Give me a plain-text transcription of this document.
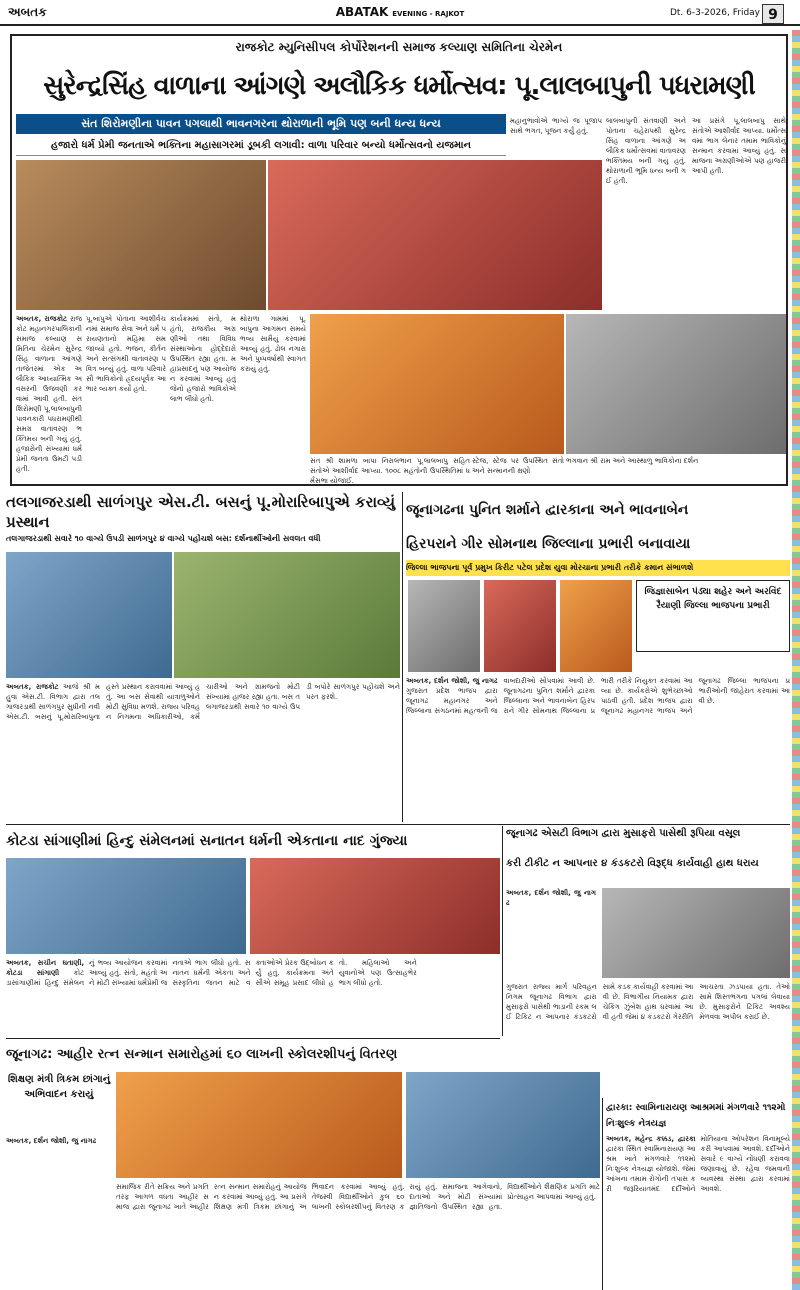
અબતક	ABATAK EVENING - RAJKOT	Dt. 6-3-2026, Friday 9
રાજકોટ મ્યુનિસીપલ કોર્પોરેશનની સમાજ કલ્યાણ સમિતિના ચેરમેન
સુરેન્દ્રસિંહ વાળાના આંગણે અલૌકિક ધર્મોત્સવ: પૂ.લાલબાપુની પધરામણી
સંત શિરોમણીના પાવન પગલાથી ભાવનગરના થોરાળાની ભૂમિ પણ બની ધન્ય ધન્ય
હજારો ધર્મ પ્રેમી જનતાએ ભક્તિના મહાસાગરમાં ડૂબકી લગાવી: વાળા પરિવાર બન્યો ધર્મોત્સવનો યજમાન
મહાનુભાવોએ ભાગ્યે જ પૂજાપ સાથે ભગત, પૂજન કર્યું હતું.
લાલબાપુની સંતવાણી અને પોતાના ચહેરાપથી સુરેન્દ્રસિંહ વાળાના આંગણે અલૌકિક ધર્મોત્સવમાં વાતાવરણ ભક્તિમય બની ગયું હતું. થોરાળાની ભૂમિ ધન્ય બની ગઈ હતી.
આ પ્રસંગે પૂ.લાલબાપુ સાથે સંતોએ આશીર્વાદ આપ્યા. ધર્મોત્સવમાં ભાગ લેનાર તમામ ભાવિકોનું સન્માન કરવામાં આવ્યું હતું. સમાજના અગ્રણીઓએ પણ હાજરી આપી હતી.
અબતક, રાજકોટ રાજકોટ મહાનગરપાલિકાની સમાજ કલ્યાણ સમિતિના ચેરમેન સુરેન્દ્રસિંહ વાળાના આંગણે તાજેતરમાં એક અલૌકિક આધ્યાત્મિક અવસરની ઉજવણી કરવામાં આવી હતી. સંત શિરોમણી પૂ.લાલબાપુની પાવનકારી પધરામણીથી સમગ્ર વાતાવરણ ભક્તિમય બની ગયું હતું. હજારોની સંખ્યામાં ધર્મપ્રેમી જનતા ઉમટી પડી હતી.
પૂ.બાપુએ પોતાના આશીર્વચનમાં સમાજ સેવા અને ધર્મ પરાયણતાનો મહિમા સમજાવ્યો હતો. ભજન, કીર્તન અને સત્સંગથી વાતાવરણ પવિત્ર બન્યું હતું. વાળા પરિવારે સૌ ભાવિકોનો હ્રદયપૂર્વક આભાર વ્યક્ત કર્યો હતો.
કાર્યક્રમમાં સંતો, મહંતો, રાજકીય અગ્રણીઓ તથા વિવિધ સંસ્થાઓના હોદ્દેદારો ઉપસ્થિત રહ્યા હતા. મહાપ્રસાદનું પણ આયોજન કરવામાં આવ્યું હતું જેનો હજારો ભાવિકોએ લાભ લીધો હતો.
થોરાળા ગામમાં પૂ.બાપુના આગમન સમયે ભવ્ય સામૈયું કરવામાં આવ્યું હતું. ઢોલ નગારા અને પુષ્પવર્ષાથી સ્વાગત કરાયું હતું.
સંત શ્રી શામળા બાપા નિરાલંભાન પૂ.લાલબાપુ સહિત સંતોએ આશીર્વાદ આપ્યા. ૧૦૦૮ મહંતોની ઉપસ્થિતિમાં ધર્મસભા યોજાઈ.
સ્ટેજ, સ્ટેજ પર ઉપસ્થિત સંતો અને સન્માનની ક્ષણો
ભગવાન શ્રી રામ અને આસ્થાળુ ભાવિકોના દર્શન
તલગાજરડાથી સાળંગપુર એસ.ટી. બસનું પૂ.મોરારિબાપુએ કરાવ્યું પ્રસ્થાન
તલગાજરડાથી સવારે ૧૦ વાગ્યે ઉપડી સાળંગપુર ૪ વાગ્યે પહોંચશે બસ: દર્શનાર્થીઓની સવલત વધી
અબતક, રાજકોટ આજે શ્રી મહુવા એસ.ટી. વિભાગ દ્વારા તલગાજરડાથી સાળંગપુર સુધીની નવી એસ.ટી. બસનું પૂ.મોરારિબાપુના હસ્તે પ્રસ્થાન કરાવવામાં આવ્યું હતું. આ બસ સેવાથી યાત્રાળુઓને મોટી સુવિધા મળશે. રાજ્ય પરિવહન નિગમના અધિકારીઓ, કર્મચારીઓ અને ગ્રામજનો મોટી સંખ્યામાં હાજર રહ્યા હતા. બસ તલગાજરડાથી સવારે ૧૦ વાગ્યે ઉપડી બપોરે સાળંગપુર પહોંચશે અને પરત ફરશે.
જૂનાગઢના પુનિત શર્માને દ્વારકાના અને ભાવનાબેન
હિરપરાને ગીર સોમનાથ જિલ્લાના પ્રભારી બનાવાયા
જિલ્લા ભાજપના પૂર્વ પ્રમુખ કિરીટ પટેલ પ્રદેશ યુવા મોરચાના પ્રભારી તરીકે કમાન સંભાળશે
જિજ્ઞાસાબેન પંડ્યા શહેર અને અરવિંદ રૈયાણી જિલ્લા ભાજપના પ્રભારી
અબતક, દર્શન જોશી, જુ નાગઢ ગુજરાત પ્રદેશ ભાજપ દ્વારા જૂનાગઢ મહાનગર અને જિલ્લાના સંગઠનમાં મહત્વની જવાબદારીઓ સોંપવામાં આવી છે. જૂનાગઢના પુનિત શર્માને દ્વારકા જિલ્લાના અને ભાવનાબેન હિરપરાને ગીર સોમનાથ જિલ્લાના પ્રભારી તરીકે નિયુક્ત કરવામાં આવ્યા છે. કાર્યકરોએ શુભેચ્છાઓ પાઠવી હતી. પ્રદેશ ભાજપ દ્વારા જૂનાગઢ મહાનગર ભાજપ અને જૂનાગઢ જિલ્લા ભાજપના પ્રભારીઓની જાહેરાત કરવામાં આવી છે.
કોટડા સાંગાણીમાં હિન્દુ સંમેલનમાં સનાતન ધર્મની એકતાના નાદ ગુંજ્યા
અબતક, સચીન ઘતાણી, કોટડા સાંગાણી કોટડાસાંગાણીમાં હિન્દુ સંમેલનનું ભવ્ય આયોજન કરવામાં આવ્યું હતું. સંતો, મહંતો અને મોટી સંખ્યામાં ધર્મપ્રેમી જનતાએ ભાગ લીધો હતો. સનાતન ધર્મની એકતા અને સંસ્કૃતિના જતન માટે વક્તાઓએ પ્રેરક ઉદ્બોધન કર્યું હતું. કાર્યક્રમના અંતે સૌએ સમૂહ પ્રસાદ લીધો હતો. મહિલાઓ અને યુવાનોએ પણ ઉત્સાહભેર ભાગ લીધો હતો.
જૂનાગઢ એસટી વિભાગ દ્વારા મુસાફરો પાસેથી રૂપિયા વસૂલ
કરી ટીકીટ ન આપનાર ૪ કંડકટરો વિરૂદ્ધ કાર્યવાહી હાથ ધરાય
અબતક, દર્શન જોશી, જુ નાગઢ
ગુજરાત રાજ્ય માર્ગ પરિવહન નિગમ જૂનાગઢ વિભાગ દ્વારા મુસાફરો પાસેથી ભાડાની રકમ લઈ ટિકિટ ન આપનાર કંડકટરો સામે કડક કાર્યવાહી કરવામાં આવી છે. વિભાગીય નિયામક દ્વારા ચેકિંગ ઝુંબેશ હાથ ધરવામાં આવી હતી જેમાં ૪ કંડકટરો ગેરરીતિ આચરતા ઝડપાયા હતા. તેઓ સામે શિસ્તભંગના પગલાં લેવાયા છે. મુસાફરોને ટિકિટ અવશ્ય મેળવવા અપીલ કરાઈ છે.
જૂનાગઢ: આહીર રત્ન સન્માન સમારોહમાં ૬૦ લાખની સ્કોલરશીપનું વિતરણ
શિક્ષણ મંત્રી ત્રિકમ છાંગાનું અભિવાદન કરાયું
અબતક, દર્શન જોશી, જુ નાગઢ
સમાજિક રીતે સક્રિય અને પ્રગતિ તરફ આગળ વધતા આહીર સમાજ દ્વારા જૂનાગઢ ખાતે આહીર રત્ન સન્માન સમારોહનું આયોજન કરવામાં આવ્યું હતું. આ પ્રસંગે શિક્ષણ મંત્રી ત્રિકમ છાંગાનું અભિવાદન કરવામાં આવ્યું હતું. તેજસ્વી વિદ્યાર્થીઓને કુલ ૬૦ લાખની સ્કોલરશીપનું વિતરણ કરાયું હતું. સમાજના આગેવાનો, દાતાઓ અને મોટી સંખ્યામાં જ્ઞાતિજનો ઉપસ્થિત રહ્યા હતા. વિદ્યાર્થીઓને શૈક્ષણિક પ્રગતિ માટે પ્રોત્સાહન આપવામાં આવ્યું હતું.
દ્વારકા: સ્વામિનારાયણ આશ્રમમાં મંગળવારે ૧૧૨મો નિઃશુલ્ક નેત્રયજ્ઞ
અબતક, મહેન્દ્ર કક્કડ, દ્વારકા દ્વારકા સ્થિત સ્વામિનારાયણ આશ્રમ ખાતે મંગળવારે ૧૧૨મો નિઃશુલ્ક નેત્રયજ્ઞ યોજાશે. જેમાં આંખના તમામ રોગોની તપાસ કરી જરૂરિયાતમંદ દર્દીઓને મોતિયાના ઓપરેશન વિનામૂલ્યે કરી આપવામાં આવશે. દર્દીઓને સવારે ૯ વાગ્યે નોંધણી કરાવવા જણાવાયું છે. રહેવા જમવાની વ્યવસ્થા સંસ્થા દ્વારા કરવામાં આવશે.
